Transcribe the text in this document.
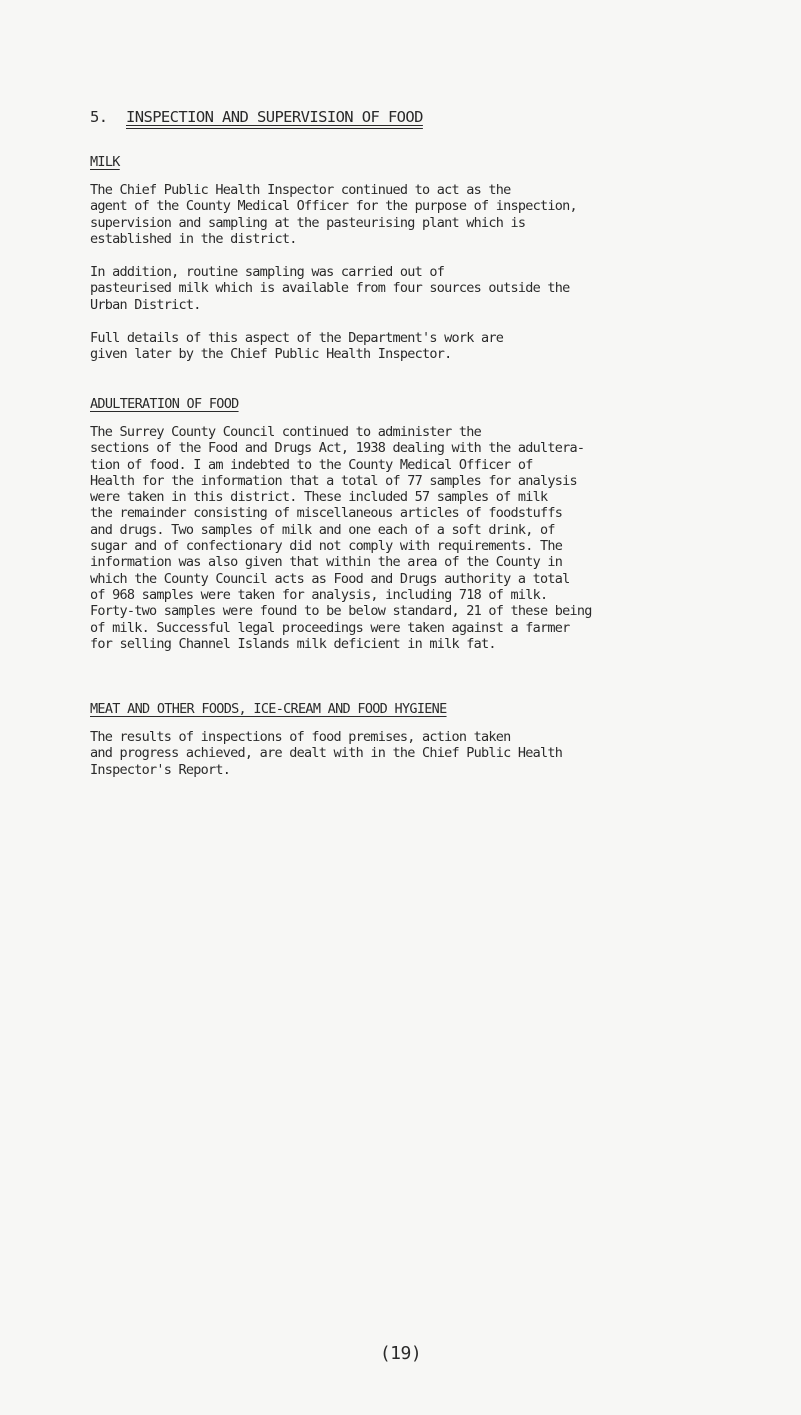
5. INSPECTION AND SUPERVISION OF FOOD
MILK

The Chief Public Health Inspector continued to act as the
agent of the County Medical Officer for the purpose of inspection,
supervision and sampling at the pasteurising plant which is
established in the district.

In addition, routine sampling was carried out of
pasteurised milk which is available from four sources outside the
Urban District.

Full details of this aspect of the Department's work are
given later by the Chief Public Health Inspector.

ADULTERATION OF FOOD

The Surrey County Council continued to administer the
sections of the Food and Drugs Act, 1938 dealing with the adultera-
tion of food. I am indebted to the County Medical Officer of
Health for the information that a total of 77 samples for analysis
were taken in this district. These included 57 samples of milk
the remainder consisting of miscellaneous articles of foodstuffs
and drugs. Two samples of milk and one each of a soft drink, of
sugar and of confectionary did not comply with requirements. The
information was also given that within the area of the County in
which the County Council acts as Food and Drugs authority a total
of 968 samples were taken for analysis, including 718 of milk.
Forty-two samples were found to be below standard, 21 of these being
of milk. Successful legal proceedings were taken against a farmer
for selling Channel Islands milk deficient in milk fat.

MEAT AND OTHER FOODS, ICE-CREAM AND FOOD HYGIENE

The results of inspections of food premises, action taken
and progress achieved, are dealt with in the Chief Public Health
Inspector's Report.

(19)
